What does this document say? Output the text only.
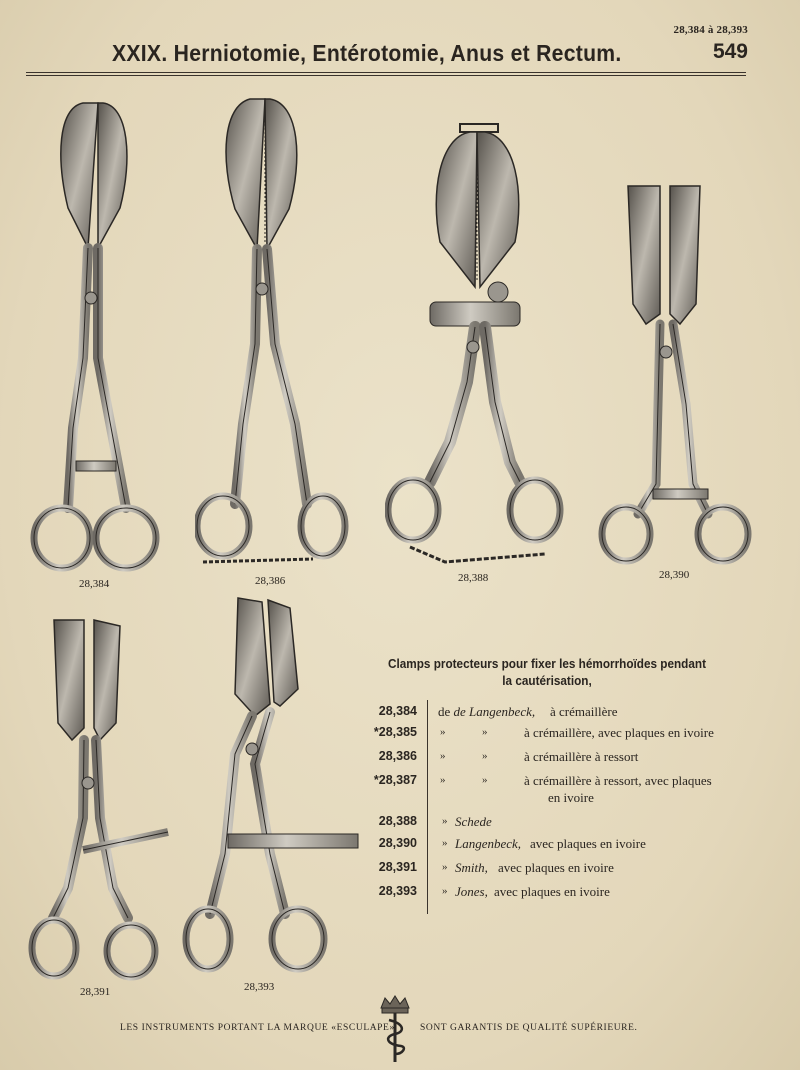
28,384 à 28,393
XXIX. Herniotomie, Entérotomie, Anus et Rectum.	549
28,384	28,386	28,388	28,390
28,391	28,393
Clamps protecteurs pour fixer les hémorrhoïdes pendant
la cautérisation,
28,384 de de Langenbeck, à crémaillère
*28,385 »	»	à crémaillère, avec plaques en ivoire
28,386 »	»	à crémaillère à ressort
*28,387 »	»	à crémaillère à ressort, avec plaques
en ivoire
28,388 » Schede
28,390 » Langenbeck, avec plaques en ivoire
28,391 » Smith, avec plaques en ivoire
28,393 » Jones, avec plaques en ivoire
LES INSTRUMENTS PORTANT LA MARQUE «ESCULAPE»	SONT GARANTIS DE QUALITÉ SUPÉRIEURE.
